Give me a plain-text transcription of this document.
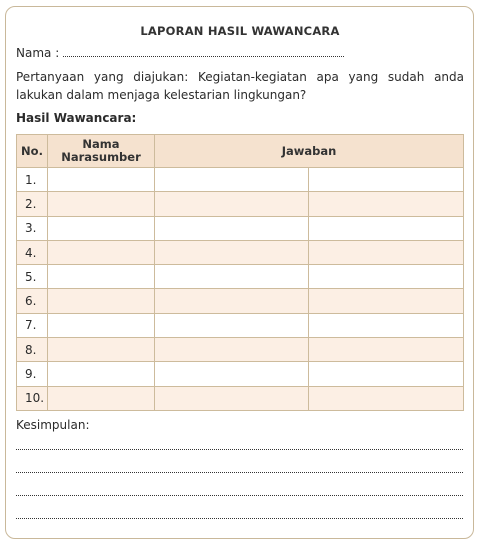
LAPORAN HASIL WAWANCARA
Nama :
Pertanyaan yang diajukan: Kegiatan-kegiatan apa yang sudah anda lakukan dalam menjaga kelestarian lingkungan?
Hasil Wawancara:
No.	Nama Narasumber	Jawaban	
1.			
2.			
3.			
4.			
5.			
6.			
7.			
8.			
9.			
10.			
Kesimpulan:
